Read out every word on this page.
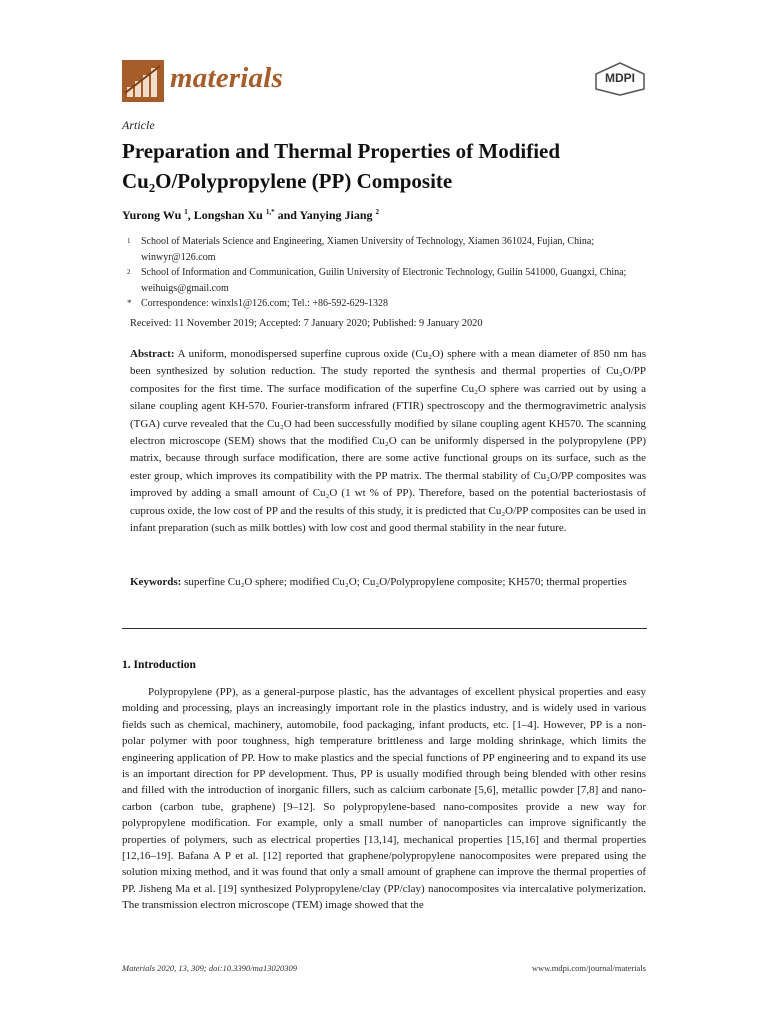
materials	MDPI
Article
Preparation and Thermal Properties of Modified Cu₂O/Polypropylene (PP) Composite
Yurong Wu $^1$, Longshan Xu $^{1,*}$ and Yanying Jiang $^2$
1 School of Materials Science and Engineering, Xiamen University of Technology, Xiamen 361024, Fujian, China; winwyr@126.com
2 School of Information and Communication, Guilin University of Electronic Technology, Guilin 541000, Guangxi, China; weihuigs@gmail.com
* Correspondence: winxls1@126.com; Tel.: +86-592-629-1328
Received: 11 November 2019; Accepted: 7 January 2020; Published: 9 January 2020
Abstract: A uniform, monodispersed superfine cuprous oxide (Cu₂O) sphere with a mean diameter of 850 nm has been synthesized by solution reduction. The study reported the synthesis and thermal properties of Cu₂O/PP composites for the first time. The surface modification of the superfine Cu₂O sphere was carried out by using a silane coupling agent KH-570. Fourier-transform infrared (FTIR) spectroscopy and the thermogravimetric analysis (TGA) curve revealed that the Cu₂O had been successfully modified by silane coupling agent KH570. The scanning electron microscope (SEM) shows that the modified Cu₂O can be uniformly dispersed in the polypropylene (PP) matrix, because through surface modification, there are some active functional groups on its surface, such as the ester group, which improves its compatibility with the PP matrix. The thermal stability of Cu₂O/PP composites was improved by adding a small amount of Cu₂O (1 wt % of PP). Therefore, based on the potential bacteriostasis of cuprous oxide, the low cost of PP and the results of this study, it is predicted that Cu₂O/PP composites can be used in infant preparation (such as milk bottles) with low cost and good thermal stability in the near future.
Keywords: superfine Cu₂O sphere; modified Cu₂O; Cu₂O/Polypropylene composite; KH570; thermal properties
1. Introduction
Polypropylene (PP), as a general-purpose plastic, has the advantages of excellent physical properties and easy molding and processing, plays an increasingly important role in the plastics industry, and is widely used in various fields such as chemical, machinery, automobile, food packaging, infant products, etc. [1–4]. However, PP is a non-polar polymer with poor toughness, high temperature brittleness and large molding shrinkage, which limits the engineering application of PP. How to make plastics and the special functions of PP engineering and to expand its use is an important direction for PP development. Thus, PP is usually modified through being blended with other resins and filled with the introduction of inorganic fillers, such as calcium carbonate [5,6], metallic powder [7,8] and nano-carbon (carbon tube, graphene) [9–12]. So polypropylene-based nano-composites provide a new way for polypropylene modification. For example, only a small number of nanoparticles can improve significantly the properties of polymers, such as electrical properties [13,14], mechanical properties [15,16] and thermal properties [12,16–19]. Bafana A P et al. [12] reported that graphene/polypropylene nanocomposites were prepared using the solution mixing method, and it was found that only a small amount of graphene can improve the thermal properties of PP. Jisheng Ma et al. [19] synthesized Polypropylene/clay (PP/clay) nanocomposites via intercalative polymerization. The transmission electron microscope (TEM) image showed that the
Materials 2020, 13, 309; doi:10.3390/ma13020309	www.mdpi.com/journal/materials
